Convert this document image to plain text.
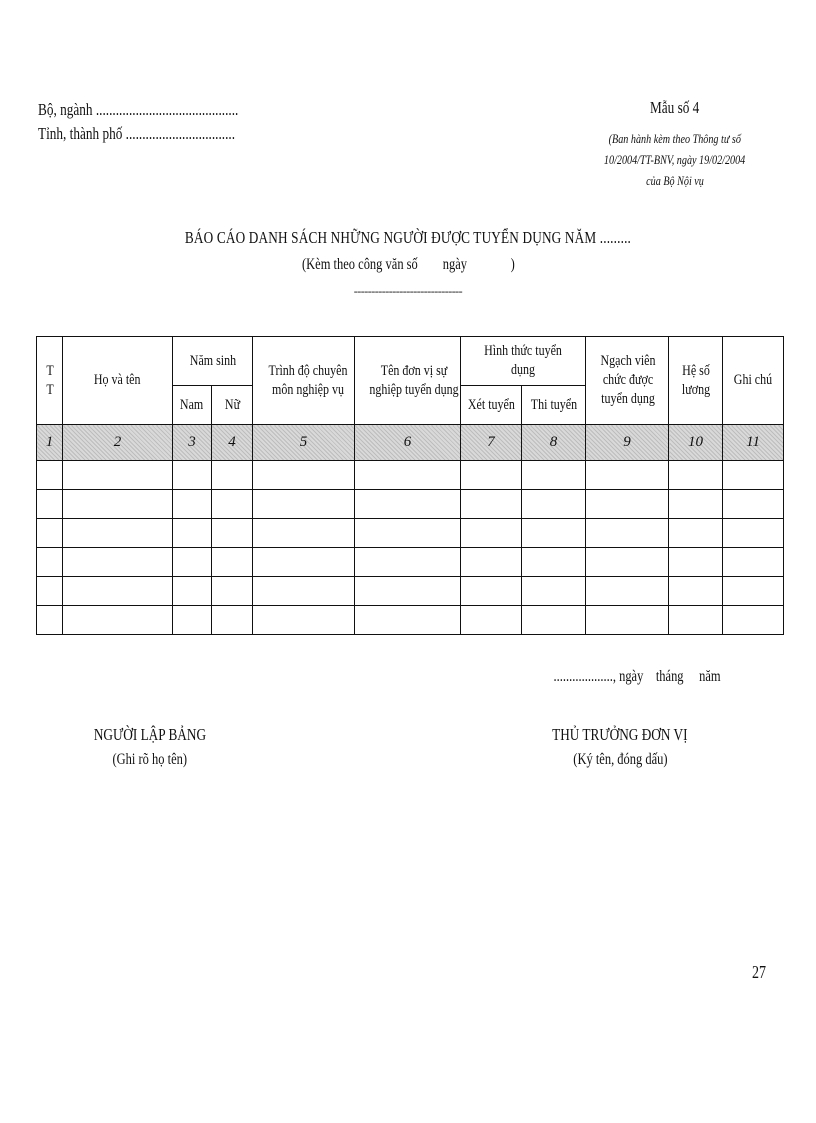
Bộ, ngành ...........................................
Tỉnh, thành phố .................................
Mẫu số 4
(Ban hành kèm theo Thông tư số
10/2004/TT-BNV, ngày 19/02/2004
của Bộ Nội vụ
BÁO CÁO DANH SÁCH NHỮNG NGƯỜI ĐƯỢC TUYỂN DỤNG NĂM .........
(Kèm theo công văn số        ngày              )
-------------------------------
T T	Họ và tên	Năm sinh		Trình độ chuyên môn nghiệp vụ	Tên đơn vị sự nghiệp tuyển dụng	Hình thức tuyển dụng		Ngạch viên chức được tuyển dụng	Hệ số lương	Ghi chú
		Nam	Nữ			Xét tuyển	Thi tuyển			
1	2	3	4	5	6	7	8	9	10	11

..................., ngày    tháng     năm
NGƯỜI LẬP BẢNG
(Ghi rõ họ tên)
THỦ TRƯỞNG ĐƠN VỊ
(Ký tên, đóng dấu)
27
